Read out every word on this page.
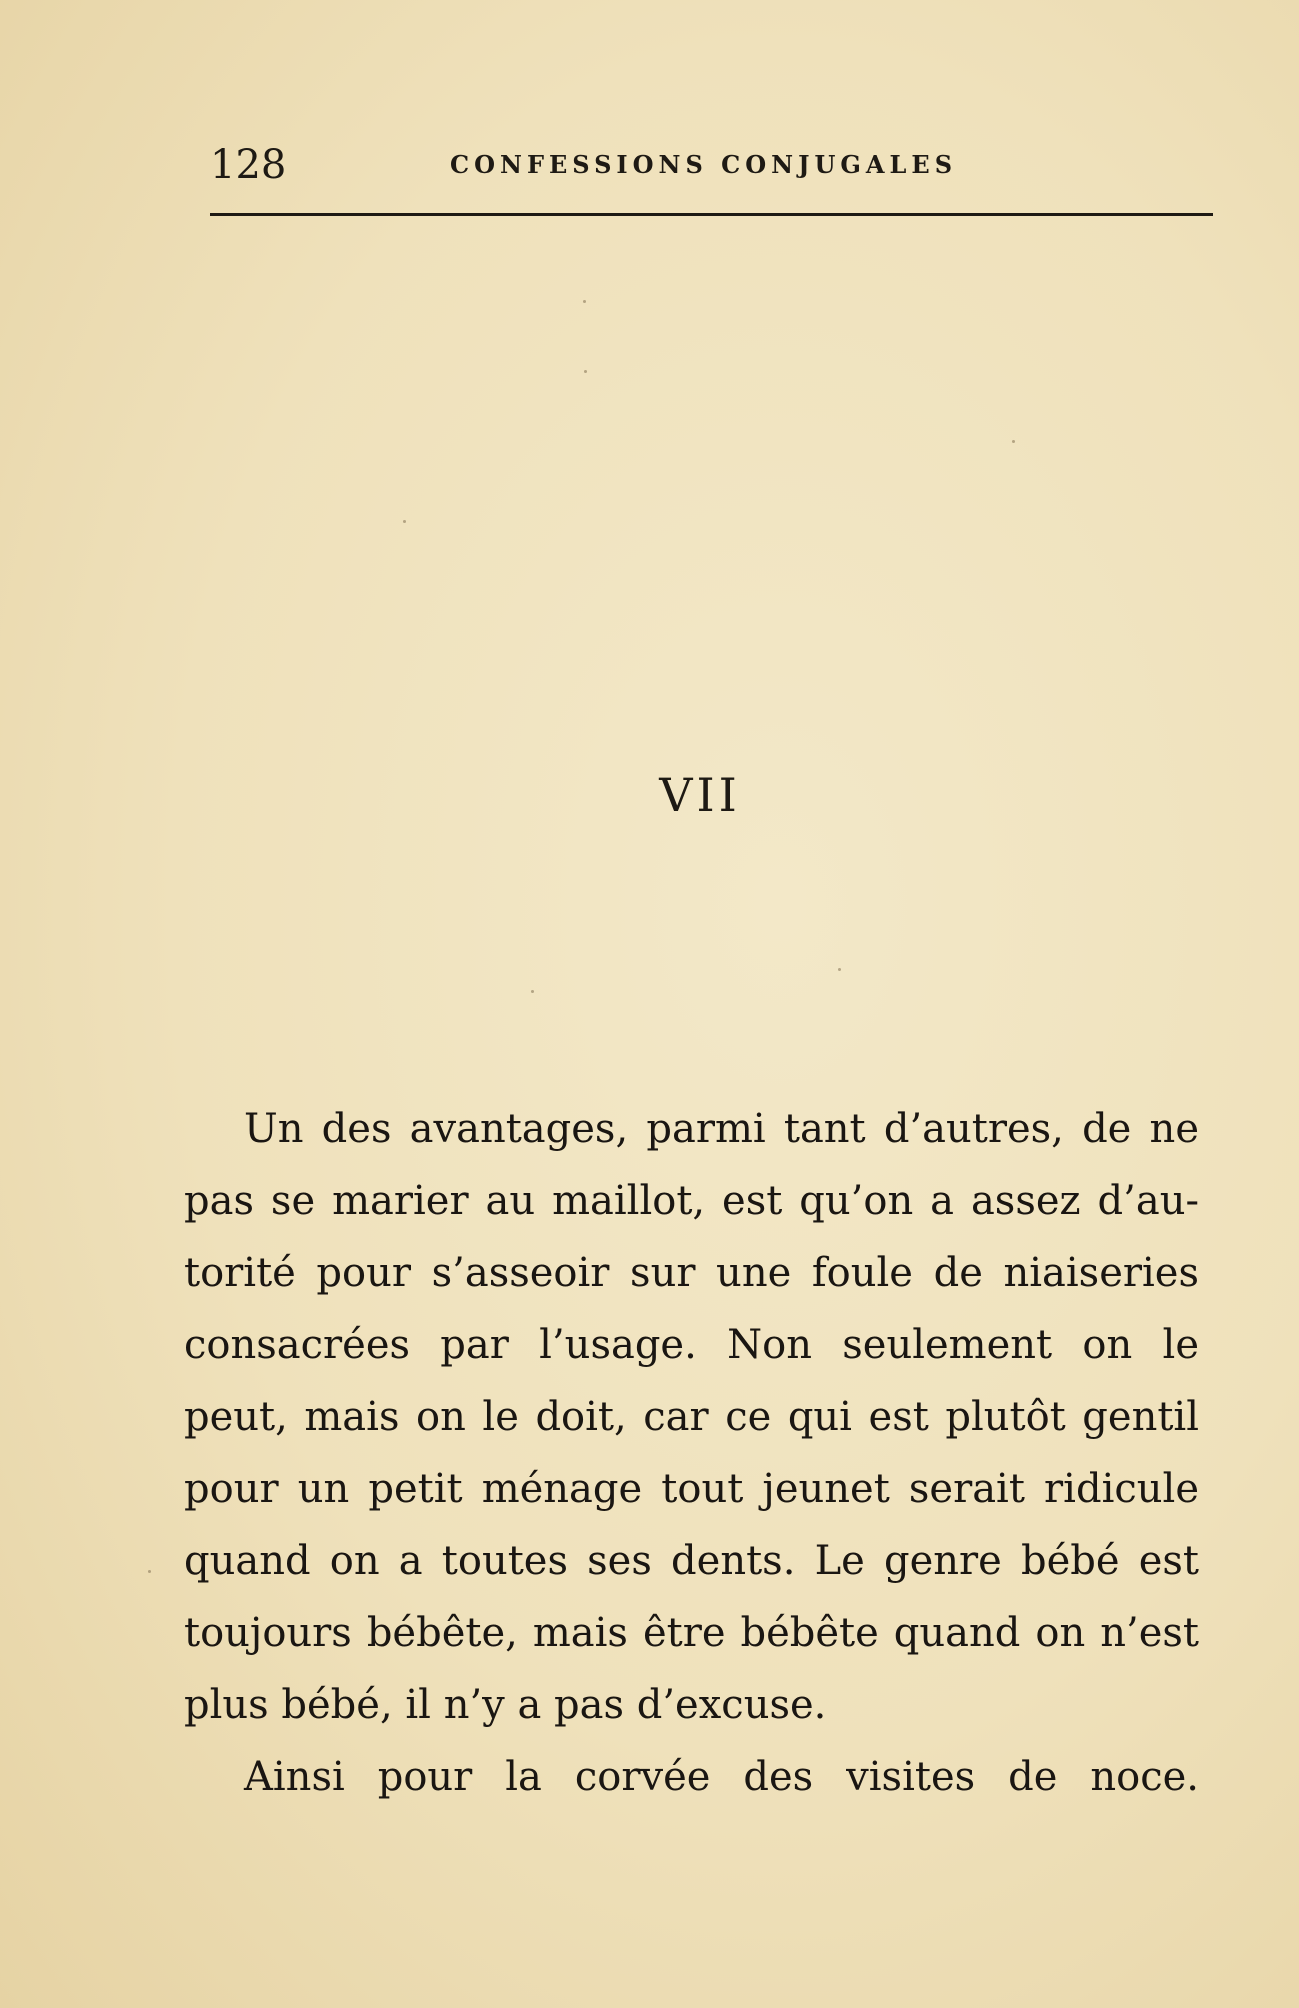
128	CONFESSIONS CONJUGALES
VII
Un des avantages, parmi tant d’autres, de ne
pas se marier au maillot, est qu’on a assez d’au-
torité pour s’asseoir sur une foule de niaiseries
consacrées par l’usage. Non seulement on le
peut, mais on le doit, car ce qui est plutôt gentil
pour un petit ménage tout jeunet serait ridicule
quand on a toutes ses dents. Le genre bébé est
toujours bébête, mais être bébête quand on n’est
plus bébé, il n’y a pas d’excuse.
Ainsi pour la corvée des visites de noce.
